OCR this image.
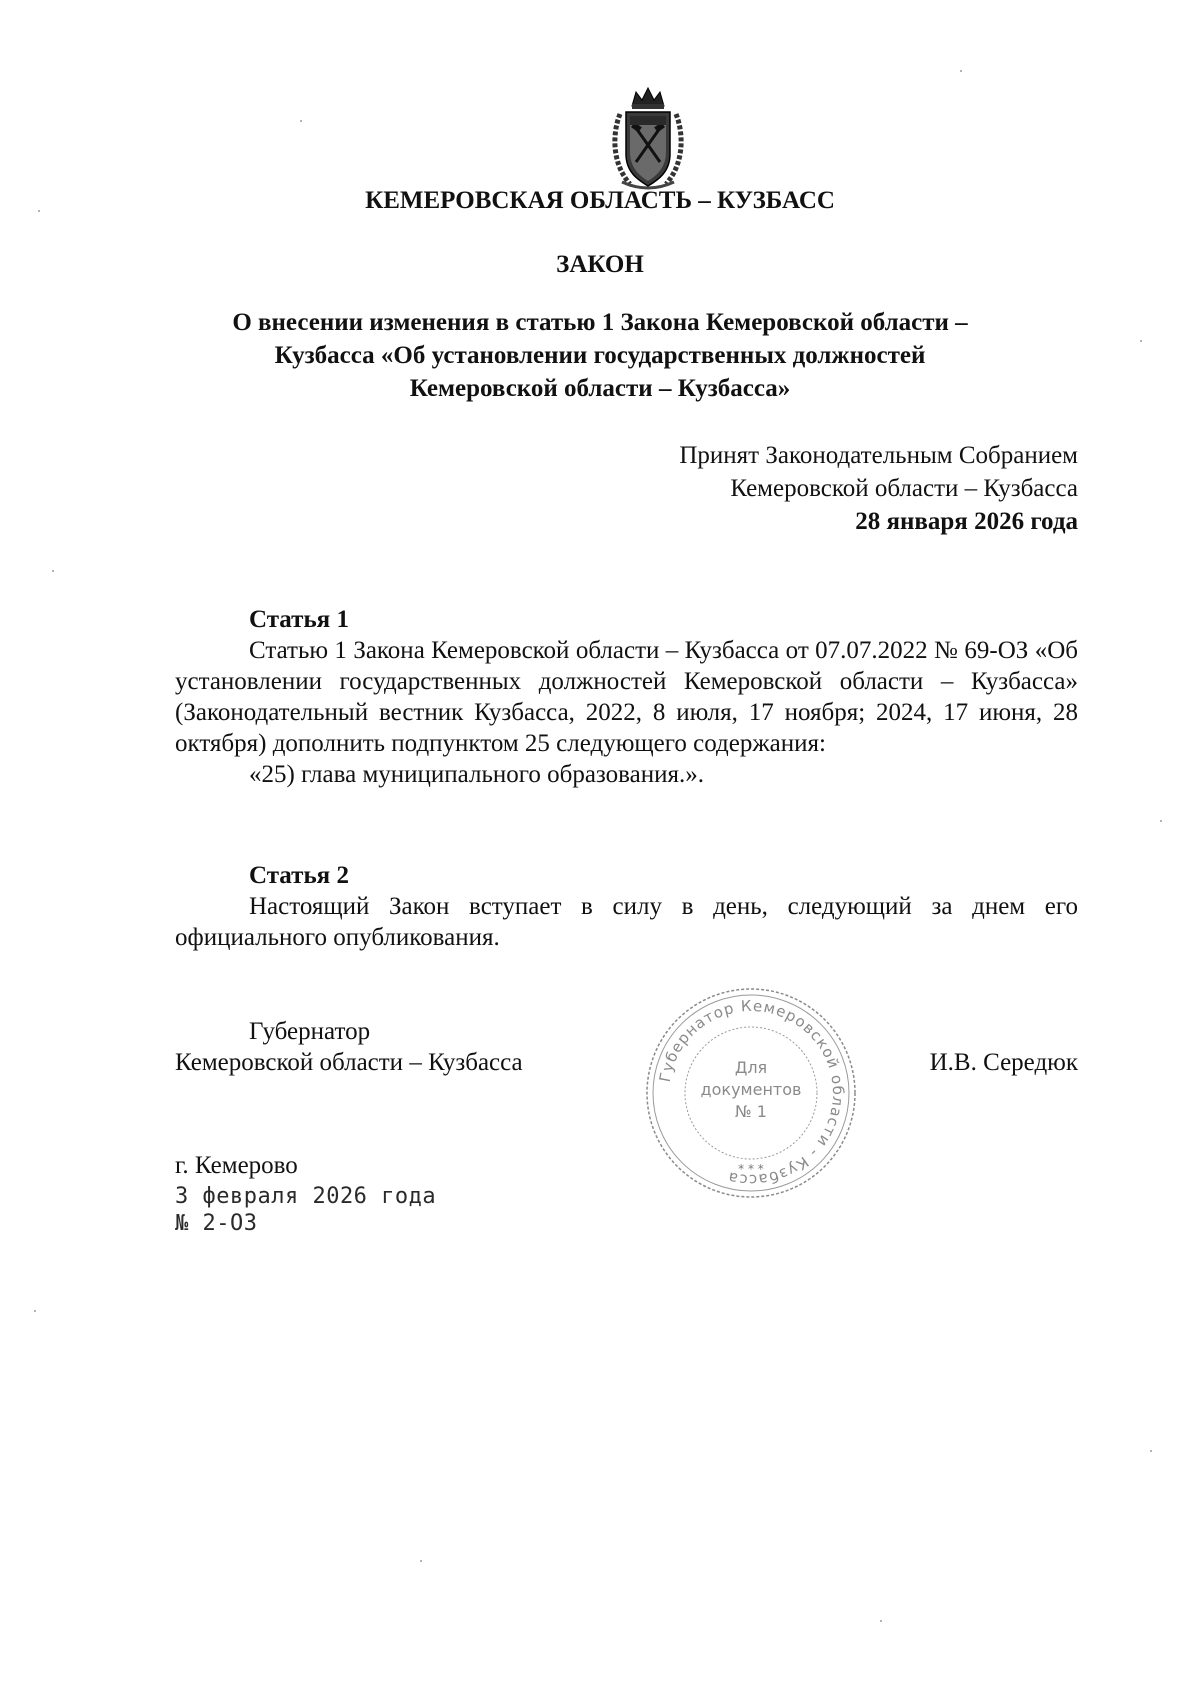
КЕМЕРОВСКАЯ ОБЛАСТЬ – КУЗБАСС
ЗАКОН
О внесении изменения в статью 1 Закона Кемеровской области –
Кузбасса «Об установлении государственных должностей
Кемеровской области – Кузбасса»
Принят Законодательным Собранием
Кемеровской области – Кузбасса
28 января 2026 года
Статья 1

Статью 1 Закона Кемеровской области – Кузбасса от 07.07.2022 № 69-ОЗ «Об установлении государственных должностей Кемеровской области – Кузбасса» (Законодательный вестник Кузбасса, 2022, 8 июля, 17 ноября; 2024, 17 июня, 28 октября) дополнить подпунктом 25 следующего содержания:

«25) глава муниципального образования.».

Статья 2

Настоящий Закон вступает в силу в день, следующий за днем его официального опубликования.

Губернатор
Кемеровской области – Кузбасса	И.В. Середюк
Губернатор Кемеровской области - Кузбасса
Для
документов
№ 1
* * *
г. Кемерово
3 февраля 2026 года
№ 2-ОЗ
